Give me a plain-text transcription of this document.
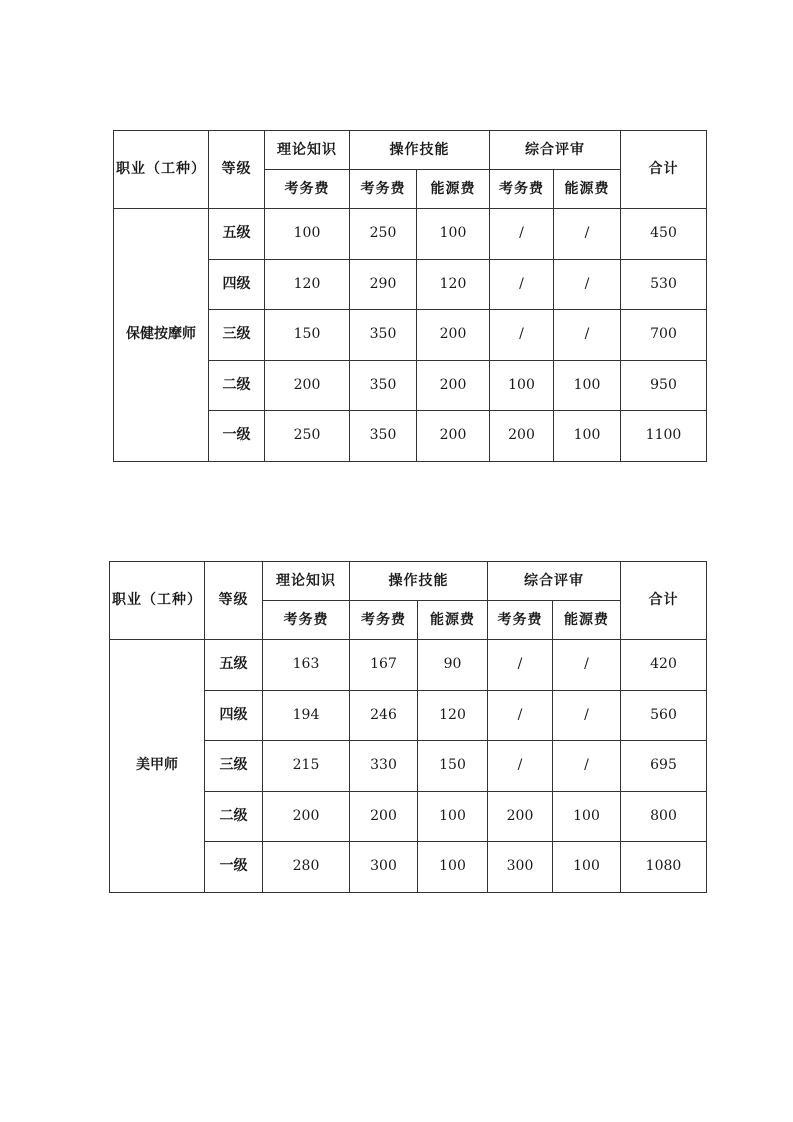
职业（工种）	等级	理论知识	操作技能		综合评审		合计
		考务费	考务费	能源费	考务费	能源费	
保健按摩师	五级	100	250	100	/	/	450
	四级	120	290	120	/	/	530
	三级	150	350	200	/	/	700
	二级	200	350	200	100	100	950
	一级	250	350	200	200	100	1100
职业（工种）	等级	理论知识	操作技能		综合评审		合计
		考务费	考务费	能源费	考务费	能源费	
美甲师	五级	163	167	90	/	/	420
	四级	194	246	120	/	/	560
	三级	215	330	150	/	/	695
	二级	200	200	100	200	100	800
	一级	280	300	100	300	100	1080
